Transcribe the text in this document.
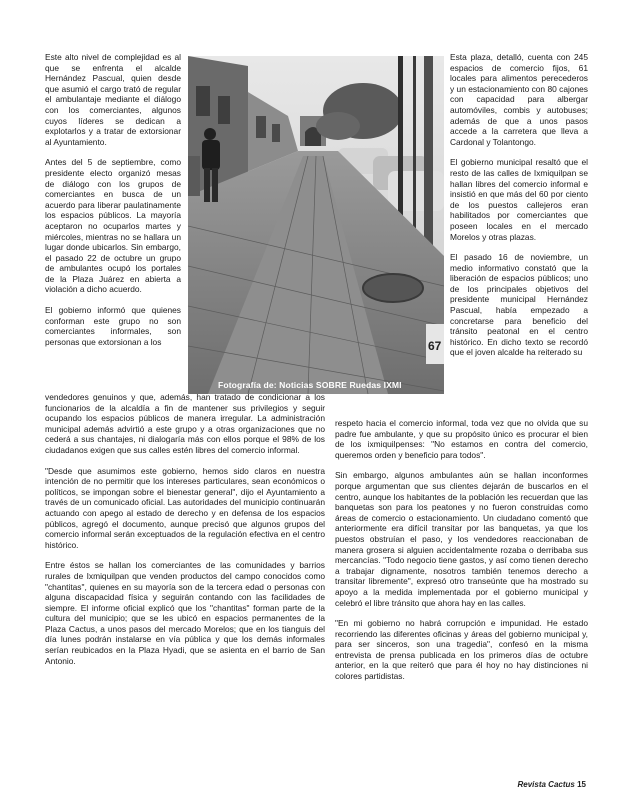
Este alto nivel de complejidad es al que se enfrenta el alcalde Hernández Pascual, quien desde que asumió el cargo trató de regular el ambulantaje mediante el diálogo con los comerciantes, algunos cuyos líderes se dedican a explotarlos y a tratar de extorsionar al Ayuntamiento.

Antes del 5 de septiembre, como presidente electo organizó mesas de diálogo con los grupos de comerciantes en busca de un acuerdo para liberar paulatinamente los espacios públicos. La mayoría aceptaron no ocuparlos martes y miércoles, mientras no se hallara un lugar donde ubicarlos. Sin embargo, el pasado 22 de octubre un grupo de ambulantes ocupó los portales de la Plaza Juárez en abierta a violación a dicho acuerdo.

El gobierno informó que quienes conforman este grupo no son comerciantes informales, son personas que extorsionan a los	67
Fotografía de: Noticias SOBRE Ruedas IXMI

Esta plaza, detalló, cuenta con 245 espacios de comercio fijos, 61 locales para alimentos perecederos y un estacionamiento con 80 cajones con capacidad para albergar automóviles, combis y autobuses; además de que a unos pasos accede a la carretera que lleva a Cardonal y Tolantongo.

El gobierno municipal resaltó que el resto de las calles de Ixmiquilpan se hallan libres del comercio informal e insistió en que más del 60 por ciento de los puestos callejeros eran habilitados por comerciantes que poseen locales en el mercado Morelos y otras plazas.

El pasado 16 de noviembre, un medio informativo constató que la liberación de espacios públicos; uno de los principales objetivos del presidente municipal Hernández Pascual, había empezado a concretarse para beneficio del tránsito peatonal en el centro histórico. En dicho texto se recordó que el joven alcalde ha reiterado su

vendedores genuinos y que, además, han tratado de condicionar a los funcionarios de la alcaldía a fin de mantener sus privilegios y seguir ocupando los espacios públicos de manera irregular. La administración municipal además advirtió a este grupo y a otras organizaciones que no cederá a sus chantajes, ni dialogaría más con ellos porque el 98% de los ciudadanos exigen que sus calles estén libres del comercio informal.

"Desde que asumimos este gobierno, hemos sido claros en nuestra intención de no permitir que los intereses particulares, sean económicos o políticos, se impongan sobre el bienestar general", dijo el Ayuntamiento a través de un comunicado oficial. Las autoridades del municipio continuarán actuando con apego al estado de derecho y en defensa de los espacios públicos, agregó el documento, aunque precisó que algunos grupos del comercio informal serán exceptuados de la regulación efectiva en el centro histórico.

Entre éstos se hallan los comerciantes de las comunidades y barrios rurales de Ixmiquilpan que venden productos del campo conocidos como "chantitas", quienes en su mayoría son de la tercera edad o personas con alguna discapacidad física y seguirán contando con las facilidades de siempre. El informe oficial explicó que los "chantitas" forman parte de la cultura del municipio; que se les ubicó en espacios permanentes de la Plaza Cactus, a unos pasos del mercado Morelos; que en los tianguis del día lunes podrán instalarse en vía pública y que los demás informales serían reubicados en la Plaza Hyadi, que se asienta en el barrio de San Antonio.

respeto hacia el comercio informal, toda vez que no olvida que su padre fue ambulante, y que su propósito único es procurar el bien de los ixmiquilpenses: "No estamos en contra del comercio, queremos orden y beneficio para todos".

Sin embargo, algunos ambulantes aún se hallan inconformes porque argumentan que sus clientes dejarán de buscarlos en el centro, aunque los habitantes de la población les recuerdan que las banquetas son para los peatones y no fueron construidas como áreas de comercio o estacionamiento. Un ciudadano comentó que anteriormente era difícil transitar por las banquetas, ya que los puestos obstruían el paso, y los vendedores reaccionaban de manera grosera si alguien accidentalmente rozaba o derribaba sus mercancías. "Todo negocio tiene gastos, y así como tienen derecho a trabajar dignamente, nosotros también tenemos derecho a transitar libremente", expresó otro transeúnte que ha mostrado su apoyo a la medida implementada por el gobierno municipal y celebró el libre tránsito que ahora hay en las calles.

"En mi gobierno no habrá corrupción e impunidad. He estado recorriendo las diferentes oficinas y áreas del gobierno municipal y, para ser sinceros, son una tragedia", confesó en la misma entrevista de prensa publicada en los primeros días de octubre anterior, en la que reiteró que para él hoy no hay distinciones ni colores partidistas.

Revista Cactus 15
